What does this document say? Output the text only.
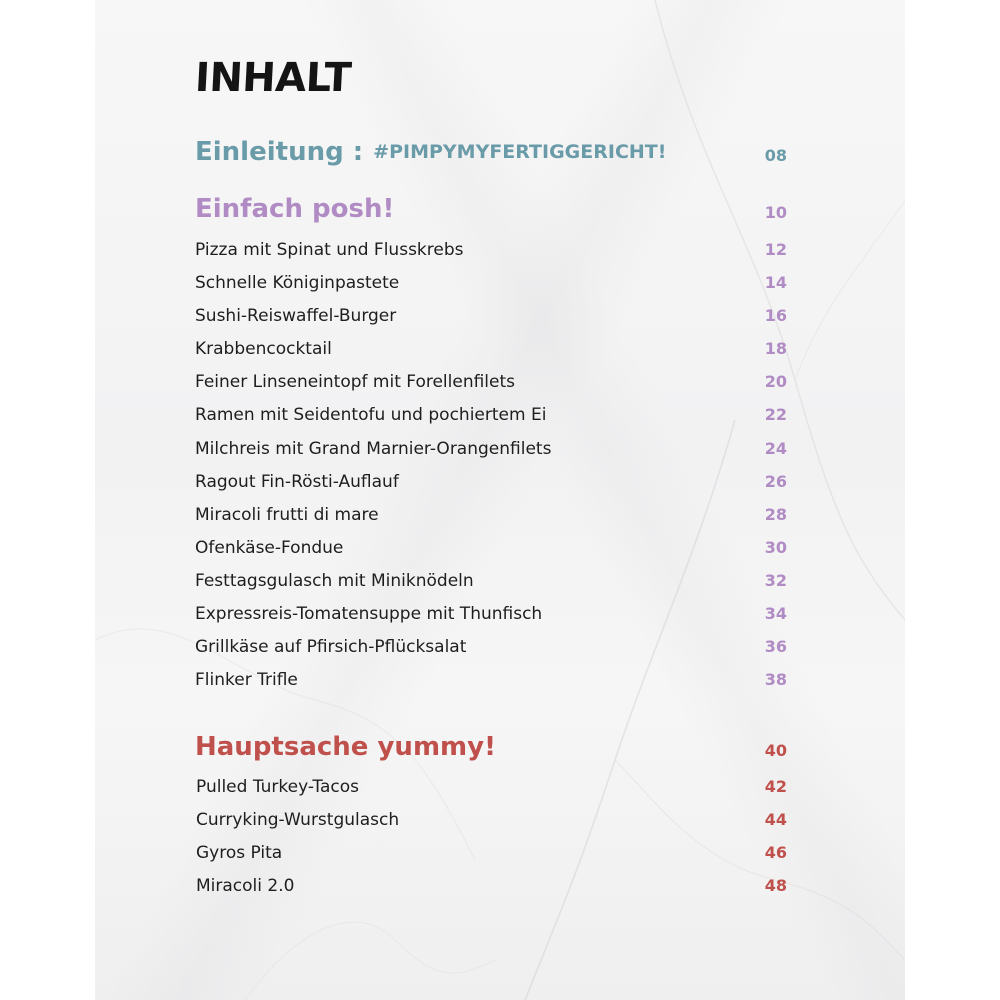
INHALT
Einleitung : #PIMPYMYFERTIGGERICHT!	08
Einfach posh!	10
Pizza mit Spinat und Flusskrebs	12
Schnelle Königinpastete	14
Sushi-Reiswaffel-Burger	16
Krabbencocktail	18
Feiner Linseneintopf mit Forellenfilets	20
Ramen mit Seidentofu und pochiertem Ei	22
Milchreis mit Grand Marnier-Orangenfilets	24
Ragout Fin-Rösti-Auflauf	26
Miracoli frutti di mare	28
Ofenkäse-Fondue	30
Festtagsgulasch mit Miniknödeln	32
Expressreis-Tomatensuppe mit Thunfisch	34
Grillkäse auf Pfirsich-Pflücksalat	36
Flinker Trifle	38
Hauptsache yummy!	40
Pulled Turkey-Tacos	42
Curryking-Wurstgulasch	44
Gyros Pita	46
Miracoli 2.0	48
